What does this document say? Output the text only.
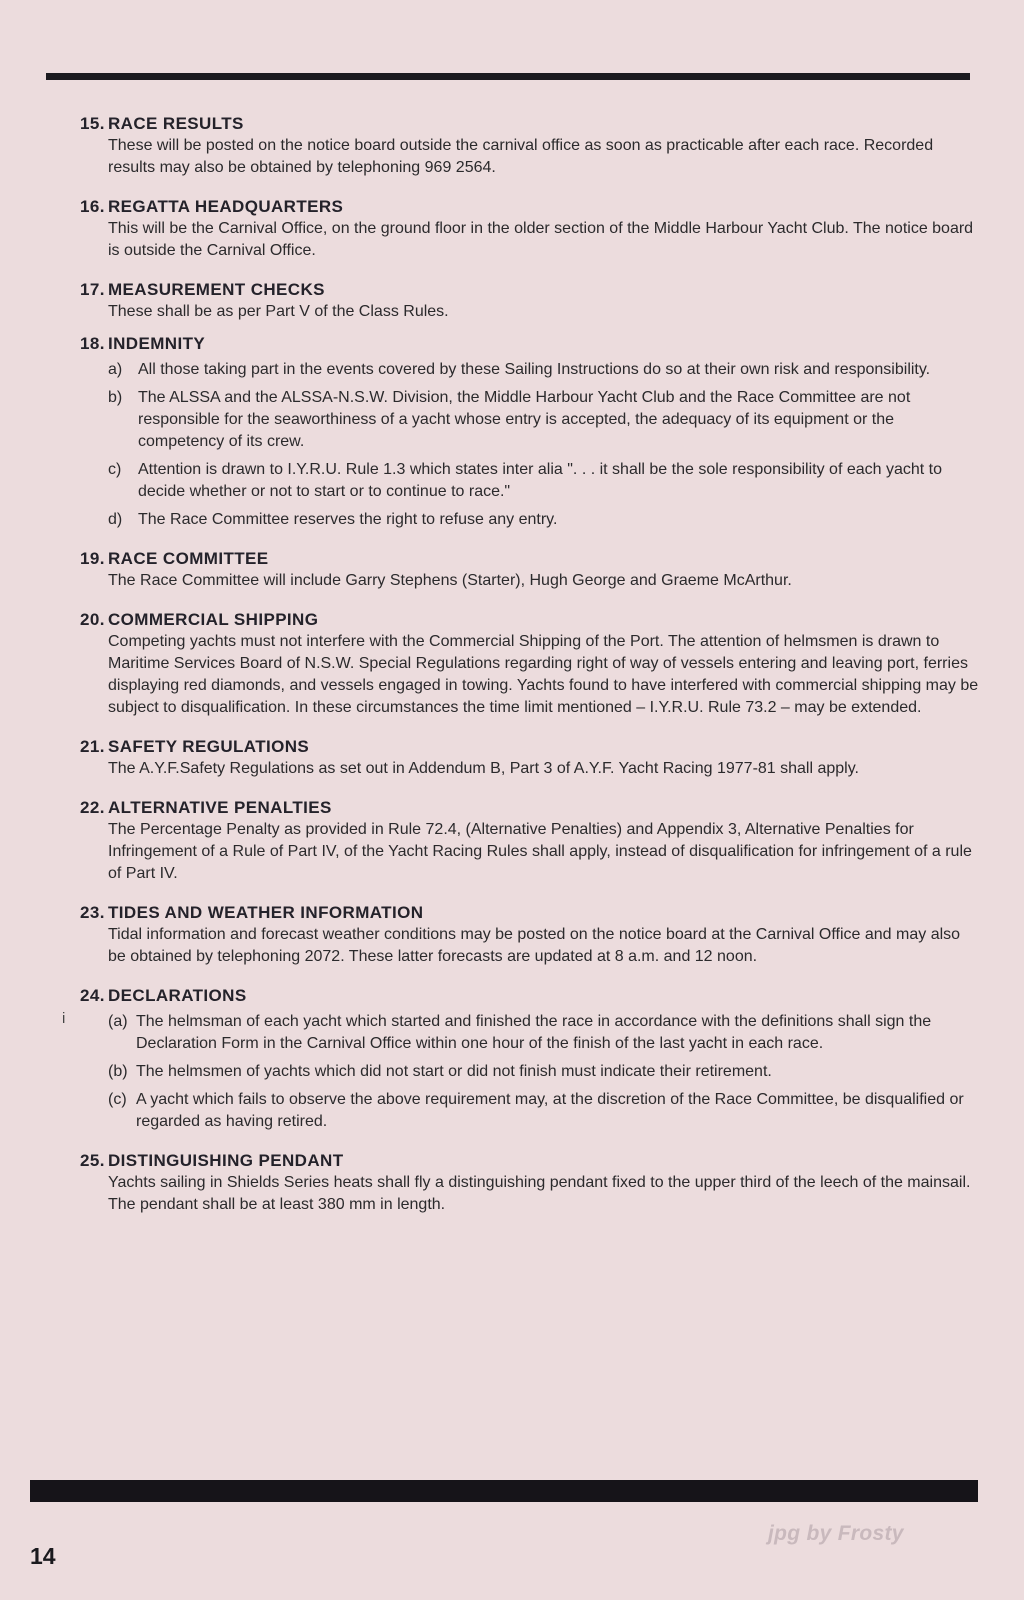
15. RACE RESULTS

These will be posted on the notice board outside the carnival office as soon as practicable after each race. Recorded results may also be obtained by telephoning 969 2564.

16. REGATTA HEADQUARTERS

This will be the Carnival Office, on the ground floor in the older section of the Middle Harbour Yacht Club. The notice board is outside the Carnival Office.

17. MEASUREMENT CHECKS

These shall be as per Part V of the Class Rules.

18. INDEMNITY
a) All those taking part in the events covered by these Sailing Instructions do so at their own risk and responsibility.
b) The ALSSA and the ALSSA-N.S.W. Division, the Middle Harbour Yacht Club and the Race Committee are not responsible for the seaworthiness of a yacht whose entry is accepted, the adequacy of its equipment or the competency of its crew.
c)	Attention is drawn to I.Y.R.U. Rule 1.3 which states inter alia ". . . it shall be the sole responsibility of each yacht to decide whether or not to start or to continue to race."
d) The Race Committee reserves the right to refuse any entry.
19. RACE COMMITTEE

The Race Committee will include Garry Stephens (Starter), Hugh George and Graeme McArthur.

20. COMMERCIAL SHIPPING

Competing yachts must not interfere with the Commercial Shipping of the Port. The attention of helmsmen is drawn to Maritime Services Board of N.S.W. Special Regulations regarding right of way of vessels entering and leaving port, ferries displaying red diamonds, and vessels engaged in towing. Yachts found to have interfered with commercial shipping may be subject to disqualification. In these circumstances the time limit mentioned – I.Y.R.U. Rule 73.2 – may be extended.

21. SAFETY REGULATIONS

The A.Y.F.Safety Regulations as set out in Addendum B, Part 3 of A.Y.F. Yacht Racing 1977-81 shall apply.

22. ALTERNATIVE PENALTIES

The Percentage Penalty as provided in Rule 72.4, (Alternative Penalties) and Appendix 3, Alternative Penalties for Infringement of a Rule of Part IV, of the Yacht Racing Rules shall apply, instead of disqualification for infringement of a rule of Part IV.

23. TIDES AND WEATHER INFORMATION

Tidal information and forecast weather conditions may be posted on the notice board at the Carnival Office and may also be obtained by telephoning 2072. These latter forecasts are updated at 8 a.m. and 12 noon.

24. DECLARATIONS
(a) The helmsman of each yacht which started and finished the race in accordance with the definitions shall sign the Declaration Form in the Carnival Office within one hour of the finish of the last yacht in each race.
(b) The helmsmen of yachts which did not start or did not finish must indicate their retirement.
(c) A yacht which fails to observe the above requirement may, at the discretion of the Race Committee, be disqualified or regarded as having retired.
25. DISTINGUISHING PENDANT

Yachts sailing in Shields Series heats shall fly a distinguishing pendant fixed to the upper third of the leech of the mainsail. The pendant shall be at least 380 mm in length.

i
jpg by Frosty
14
